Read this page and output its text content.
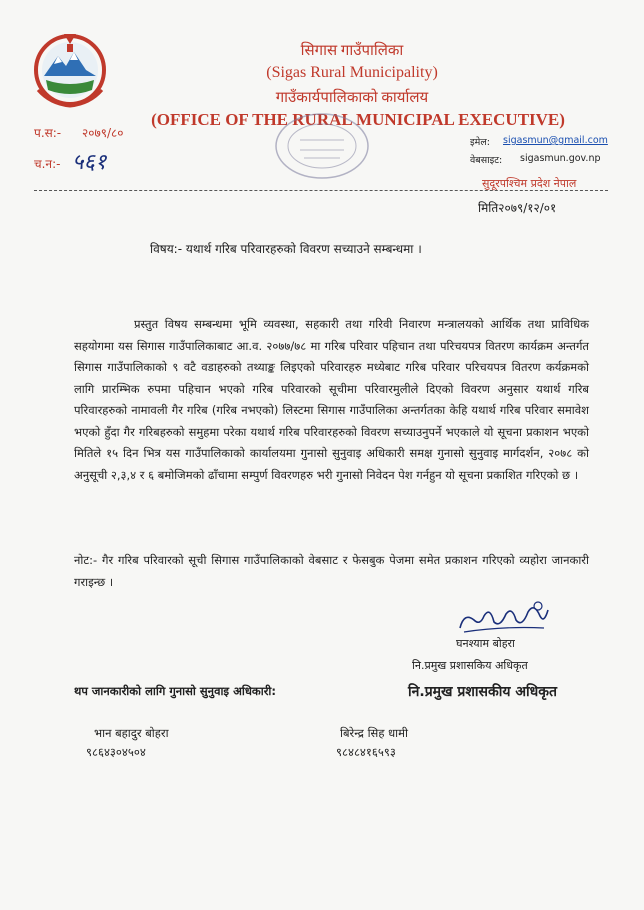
सिगास गाउँपालिका
(Sigas Rural Municipality)
गाउँकार्यपालिकाको कार्यालय
(OFFICE OF THE RURAL MUNICIPAL EXECUTIVE)
प.स:- २०७९/८०
च.न:- ५६१
इमेल: sigasmun@gmail.com
वेबसाइट: sigasmun.gov.np
सुदूरपश्चिम प्रदेश नेपाल
मिति२०७९/१२/०१
विषय:- यथार्थ गरिब परिवारहरुको विवरण सच्याउने सम्बन्धमा ।
प्रस्तुत विषय सम्बन्धमा भूमि व्यवस्था, सहकारी तथा गरिवी निवारण मन्त्रालयको आर्थिक तथा प्राविधिक सहयोगमा यस सिगास गाउँपालिकाबाट आ.व. २०७७/७८ मा गरिब परिवार पहिचान तथा परिचयपत्र वितरण कार्यक्रम अन्तर्गत सिगास गाउँपालिकाको ९ वटै वडाहरुको तथ्याङ्क लिइएको परिवारहरु मध्येबाट गरिब परिवार परिचयपत्र वितरण कर्यक्रमको लागि प्रारम्भिक रुपमा पहिचान भएको गरिब परिवारको सूचीमा परिवारमुलीले दिएको विवरण अनुसार यथार्थ गरिब परिवारहरुको नामावली गैर गरिब (गरिब नभएको) लिस्टमा सिगास गाउँपालिका अन्तर्गतका केहि यथार्थ गरिब परिवार समावेश भएको हुँदा गैर गरिबहरुको समुहमा परेका यथार्थ गरिब परिवारहरुको विवरण सच्याउनुपर्ने भएकाले यो सूचना प्रकाशन भएको मितिले १५ दिन भित्र यस गाउँपालिकाको कार्यालयमा गुनासो सुनुवाइ अधिकारी समक्ष गुनासो सुनुवाइ मार्गदर्शन, २०७८ को अनुसूची २,३,४ र ६ बमोजिमको ढाँचामा सम्पुर्ण विवरणहरु भरी गुनासो निवेदन पेश गर्नहुन यो सूचना प्रकाशित गरिएको छ ।
नोट:- गैर गरिब परिवारको सूची सिगास गाउँपालिकाको वेबसाट र फेसबुक पेजमा समेत प्रकाशन गरिएको व्यहोरा जानकारी गराइन्छ ।
घनश्याम बोहरा
नि.प्रमुख प्रशासकिय अधिकृत
नि.प्रमुख प्रशासकीय अधिकृत
थप जानकारीको लागि गुनासो सुनुवाइ अधिकारी:
भान बहादुर बोहरा
९८६४३०४५०४
बिरेन्द्र सिह धामी
९८४८४१६५९३
